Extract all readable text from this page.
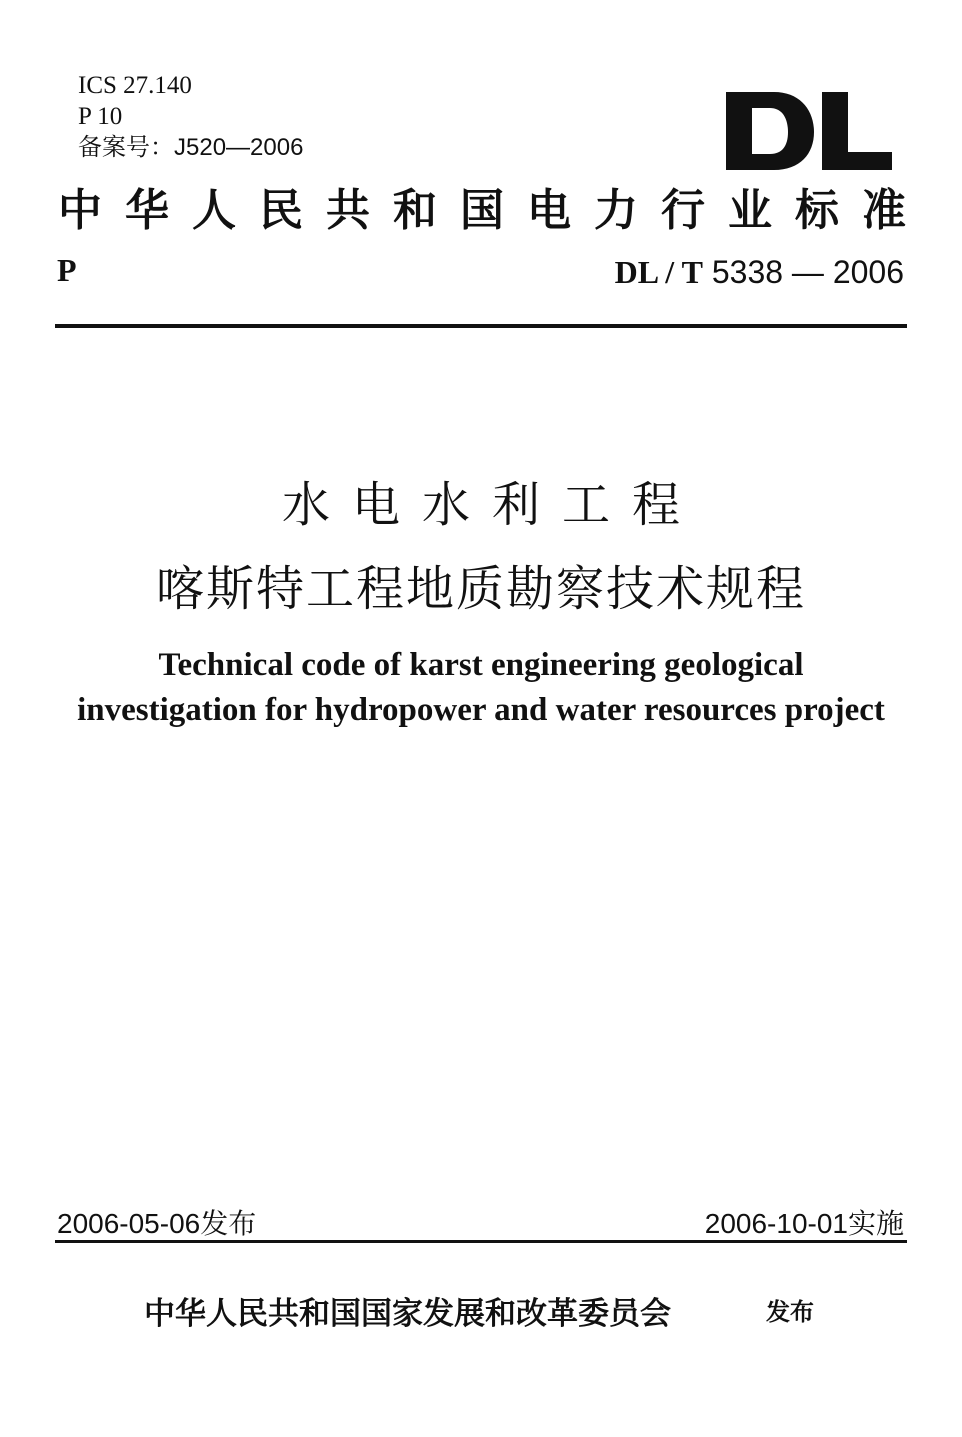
ICS 27.140
P 10
备案号：J520—2006
中 华 人 民 共 和 国 电 力 行 业 标 准
P	DL / T 5338 — 2006
水电水利工程
喀斯特工程地质勘察技术规程
Technical code of karst engineering geological
investigation for hydropower and water resources project
2006-05-06发布	2006-10-01实施
中华人民共和国国家发展和改革委员会	发布
